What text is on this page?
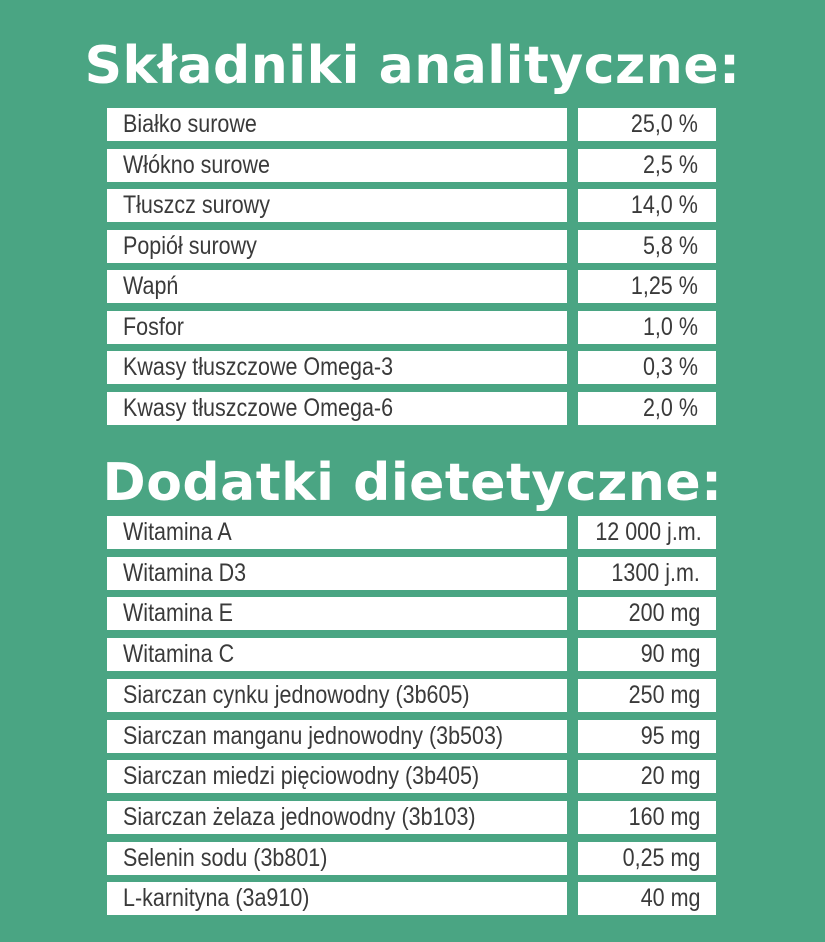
Składniki analityczne:
Białko surowe	25,0 %
Włókno surowe	2,5 %
Tłuszcz surowy	14,0 %
Popiół surowy	5,8 %
Wapń	1,25 %
Fosfor	1,0 %
Kwasy tłuszczowe Omega-3	0,3 %
Kwasy tłuszczowe Omega-6	2,0 %
Dodatki dietetyczne:
Witamina A	12 000 j.m.
Witamina D3	1300 j.m.
Witamina E	200 mg
Witamina C	90 mg
Siarczan cynku jednowodny (3b605)	250 mg
Siarczan manganu jednowodny (3b503)	95 mg
Siarczan miedzi pięciowodny (3b405)	20 mg
Siarczan żelaza jednowodny (3b103)	160 mg
Selenin sodu (3b801)	0,25 mg
L-karnityna (3a910)	40 mg
